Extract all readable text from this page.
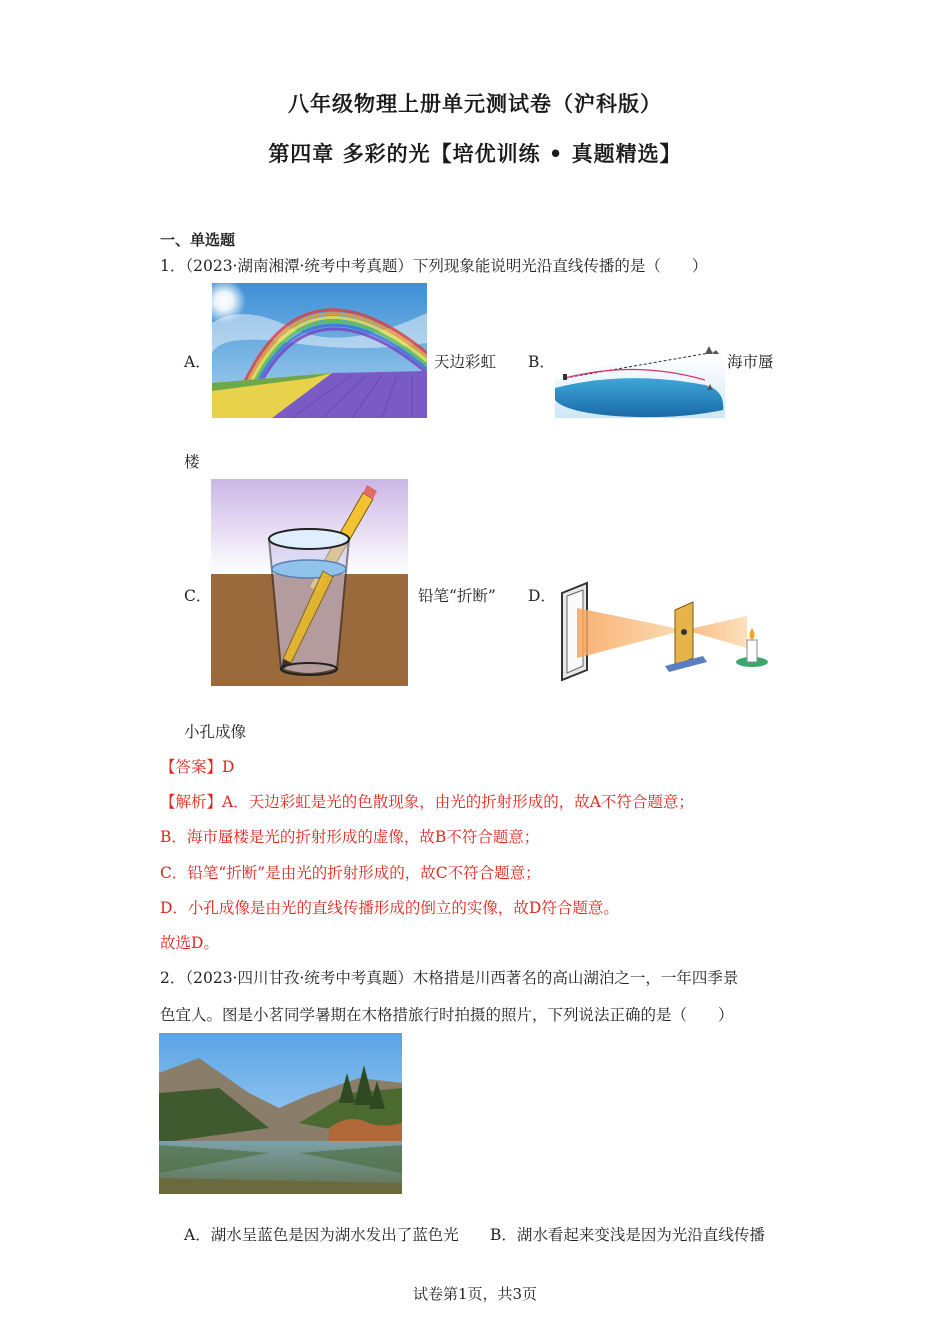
八年级物理上册单元测试卷（沪科版）
第四章 多彩的光【培优训练 • 真题精选】
一、单选题
1．（2023·湖南湘潭·统考中考真题）下列现象能说明光沿直线传播的是（　　）
A．	天边彩虹 B．	海市蜃
楼
C．	铅笔“折断” D．
小孔成像
【答案】D
【解析】A．天边彩虹是光的色散现象，由光的折射形成的，故A不符合题意；
B．海市蜃楼是光的折射形成的虚像，故B不符合题意；
C．铅笔“折断”是由光的折射形成的，故C不符合题意；
D．小孔成像是由光的直线传播形成的倒立的实像，故D符合题意。
故选D。
2．（2023·四川甘孜·统考中考真题）木格措是川西著名的高山湖泊之一，一年四季景
色宜人。图是小茗同学暑期在木格措旅行时拍摄的照片，下列说法正确的是（　　）
A．湖水呈蓝色是因为湖水发出了蓝色光 B．湖水看起来变浅是因为光沿直线传播
试卷第1页，共3页
